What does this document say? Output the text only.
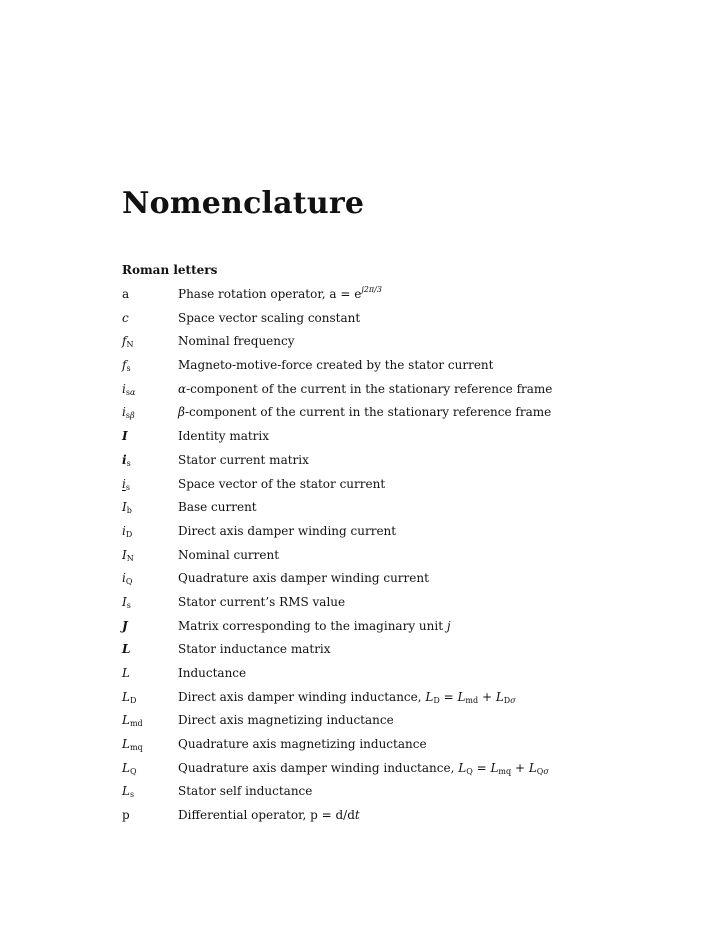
Nomenclature
Roman letters
a	Phase rotation operator, $a = e^{j2\pi/3}$
c	Space vector scaling constant
$f_N$	Nominal frequency
$f_s$	Magneto-motive-force created by the stator current
$i_{s\alpha}$	α-component of the current in the stationary reference frame
$i_{s\beta}$	β-component of the current in the stationary reference frame
I	Identity matrix
$i_s$	Stator current matrix
$i_s$	Space vector of the stator current
$I_b$	Base current
$i_D$	Direct axis damper winding current
$I_N$	Nominal current
$i_Q$	Quadrature axis damper winding current
$I_s$	Stator current’s RMS value
J	Matrix corresponding to the imaginary unit j
L	Stator inductance matrix
L	Inductance
$L_D$	Direct axis damper winding inductance, $L_D = L_{md} + L_{D\sigma}$
$L_{md}$	Direct axis magnetizing inductance
$L_{mq}$	Quadrature axis magnetizing inductance
$L_Q$	Quadrature axis damper winding inductance, $L_Q = L_{mq} + L_{Q\sigma}$
$L_s$	Stator self inductance
p	Differential operator, p = d/dt
